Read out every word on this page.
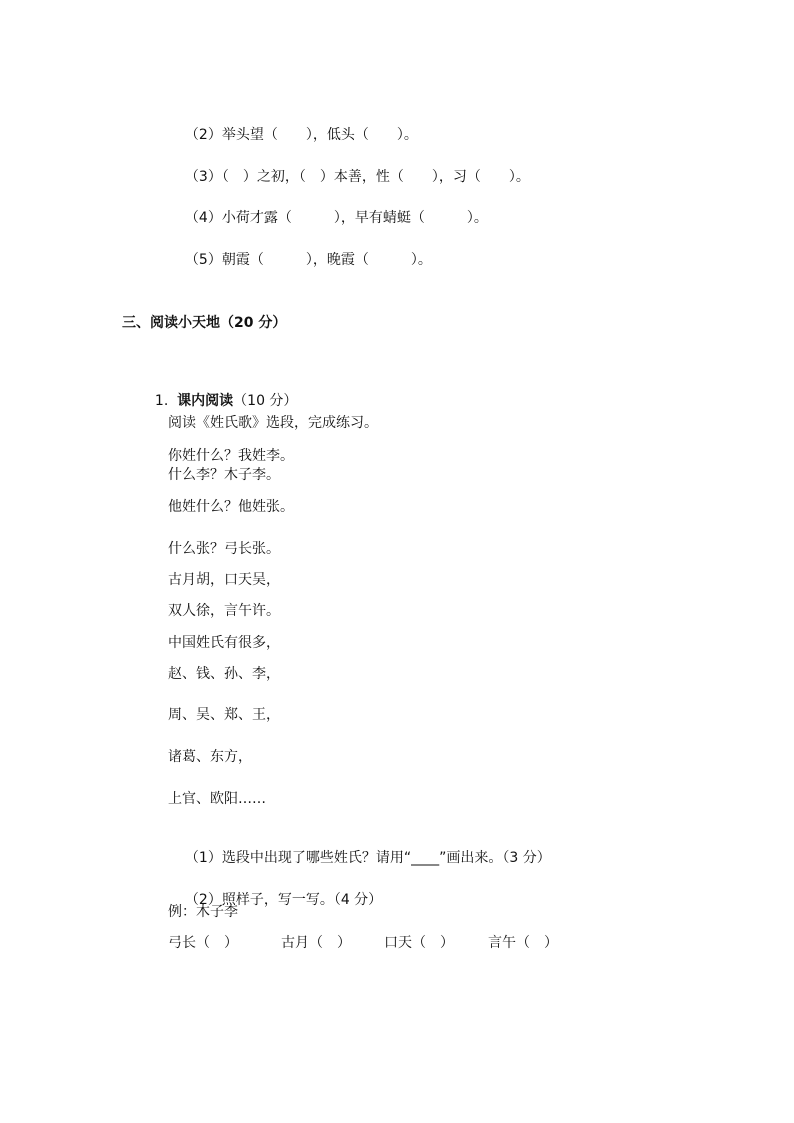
（2）举头望（　　），低头（　　）。

（3）（　）之初，（　）本善，性（　　），习（　　）。

（4）小荷才露（　　　），早有蜻蜓（　　　）。

（5）朝霞（　　　），晚霞（　　　）。

三、阅读小天地（20 分）

1. 课内阅读（10 分）

阅读《姓氏歌》选段，完成练习。
你姓什么？我姓李。
什么李？木子李。
他姓什么？他姓张。
什么张？弓长张。
古月胡，口天吴，
双人徐，言午许。
中国姓氏有很多，
赵、钱、孙、李，
周、吴、郑、王，
诸葛、东方，
上官、欧阳……

（1）选段中出现了哪些姓氏？请用“____”画出来。（3 分）

（2）照样子，写一写。（4 分）

例：木子李
弓长（　）	古月（　） 口天（　） 言午（　）
